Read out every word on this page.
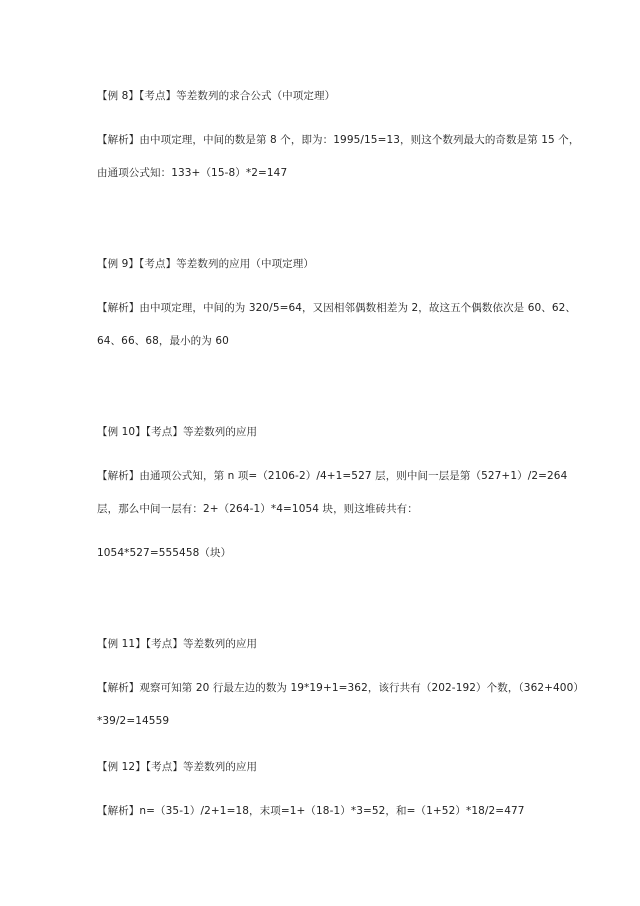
【例 8】【考点】等差数列的求合公式（中项定理）
【解析】由中项定理，中间的数是第 8 个，即为：1995/15=13，则这个数列最大的奇数是第 15 个，
由通项公式知：133+（15-8）*2=147
【例 9】【考点】等差数列的应用（中项定理）
【解析】由中项定理，中间的为 320/5=64，又因相邻偶数相差为 2，故这五个偶数依次是 60、62、
64、66、68，最小的为 60
【例 10】【考点】等差数列的应用
【解析】由通项公式知，第 n 项=（2106-2）/4+1=527 层，则中间一层是第（527+1）/2=264
层，那么中间一层有：2+（264-1）*4=1054 块，则这堆砖共有：
1054*527=555458（块）
【例 11】【考点】等差数列的应用
【解析】观察可知第 20 行最左边的数为 19*19+1=362，该行共有（202-192）个数，（362+400）
*39/2=14559
【例 12】【考点】等差数列的应用
【解析】n=（35-1）/2+1=18，末项=1+（18-1）*3=52，和=（1+52）*18/2=477
